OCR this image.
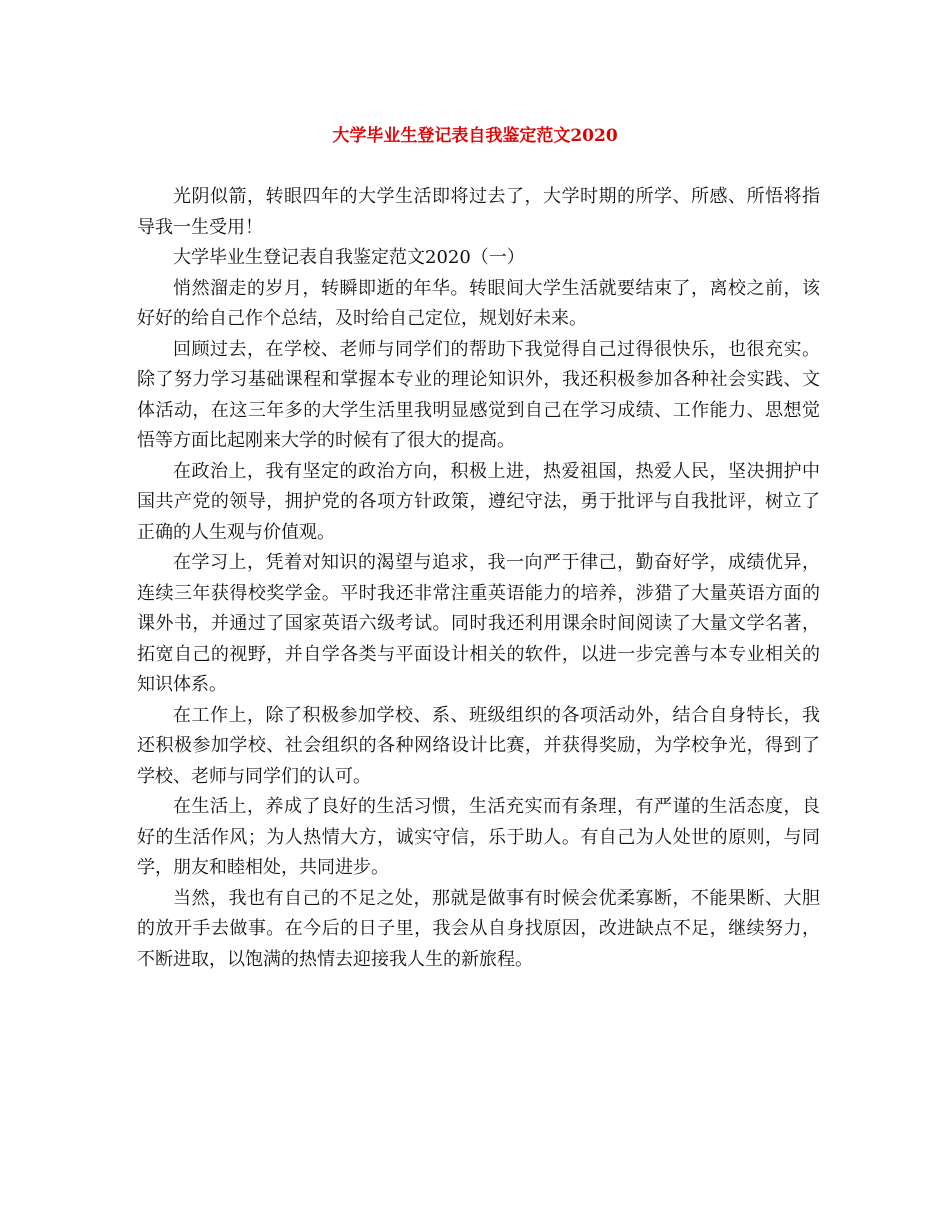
大学毕业生登记表自我鉴定范文2020

光阴似箭，转眼四年的大学生活即将过去了，大学时期的所学、所感、所悟将指导我一生受用！

大学毕业生登记表自我鉴定范文2020（一）

悄然溜走的岁月，转瞬即逝的年华。转眼间大学生活就要结束了，离校之前，该好好的给自己作个总结，及时给自己定位，规划好未来。

回顾过去，在学校、老师与同学们的帮助下我觉得自己过得很快乐，也很充实。除了努力学习基础课程和掌握本专业的理论知识外，我还积极参加各种社会实践、文体活动，在这三年多的大学生活里我明显感觉到自己在学习成绩、工作能力、思想觉悟等方面比起刚来大学的时候有了很大的提高。

在政治上，我有坚定的政治方向，积极上进，热爱祖国，热爱人民，坚决拥护中国共产党的领导，拥护党的各项方针政策，遵纪守法，勇于批评与自我批评，树立了正确的人生观与价值观。

在学习上，凭着对知识的渴望与追求，我一向严于律己，勤奋好学，成绩优异，连续三年获得校奖学金。平时我还非常注重英语能力的培养，涉猎了大量英语方面的课外书，并通过了国家英语六级考试。同时我还利用课余时间阅读了大量文学名著，拓宽自己的视野，并自学各类与平面设计相关的软件，以进一步完善与本专业相关的知识体系。

在工作上，除了积极参加学校、系、班级组织的各项活动外，结合自身特长，我还积极参加学校、社会组织的各种网络设计比赛，并获得奖励，为学校争光，得到了学校、老师与同学们的认可。

在生活上，养成了良好的生活习惯，生活充实而有条理，有严谨的生活态度，良好的生活作风；为人热情大方，诚实守信，乐于助人。有自己为人处世的原则，与同学，朋友和睦相处，共同进步。

当然，我也有自己的不足之处，那就是做事有时候会优柔寡断，不能果断、大胆的放开手去做事。在今后的日子里，我会从自身找原因，改进缺点不足，继续努力，不断进取，以饱满的热情去迎接我人生的新旅程。
